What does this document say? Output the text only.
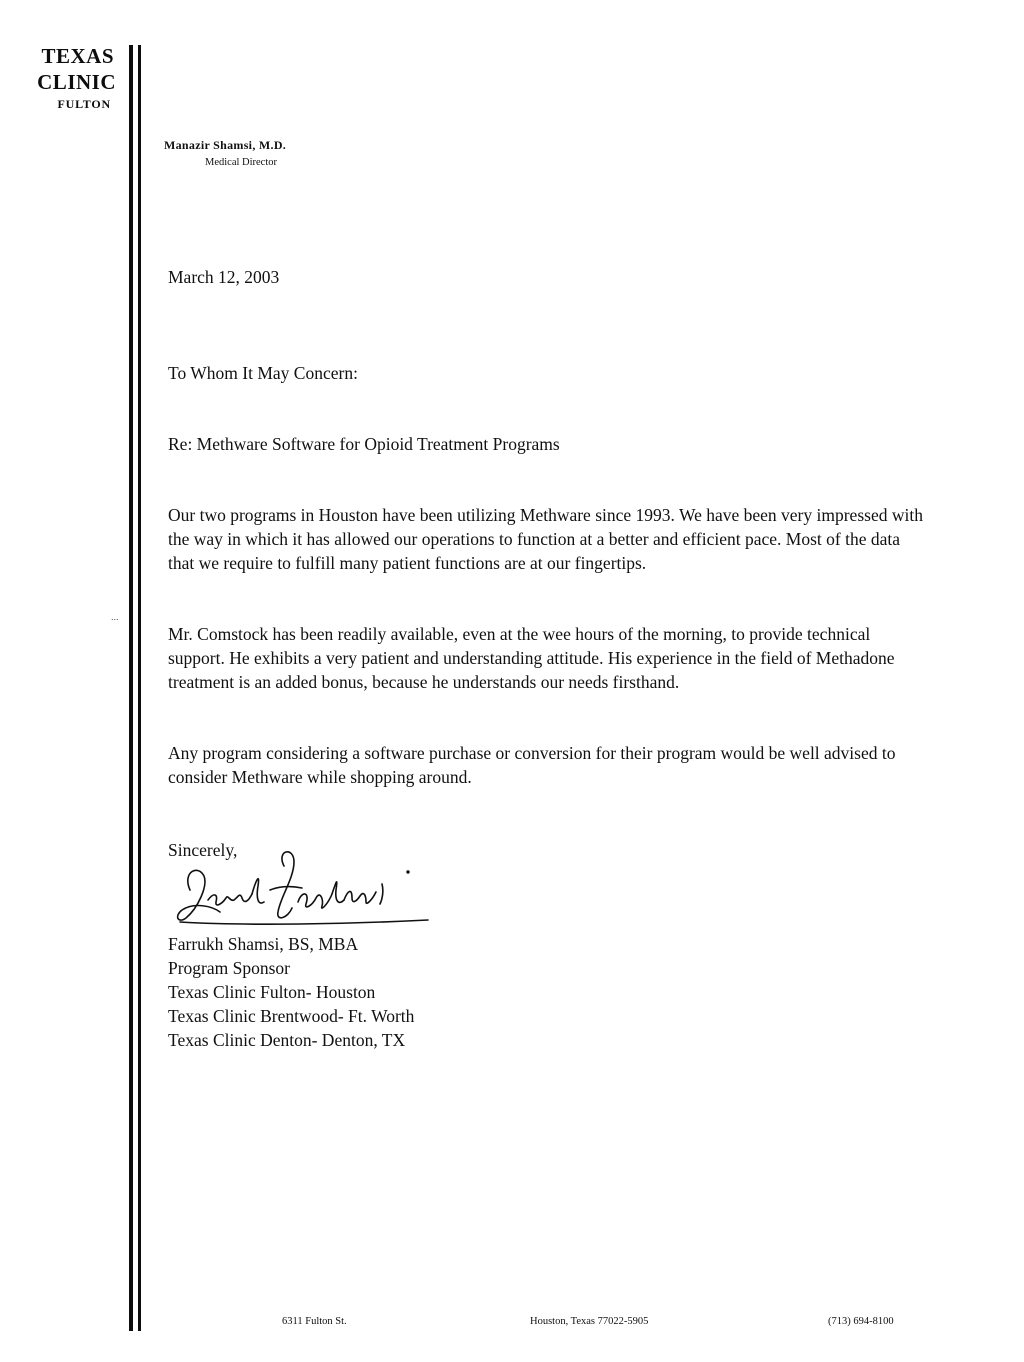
TEXAS
CLINIC
FULTON
...
Manazir Shamsi, M.D.
Medical Director
March 12, 2003
To Whom It May Concern:
Re: Methware Software for Opioid Treatment Programs
Our two programs in Houston have been utilizing Methware since 1993. We have been very impressed with the way in which it has allowed our operations to function at a better and efficient pace. Most of the data that we require to fulfill many patient functions are at our fingertips.
Mr. Comstock has been readily available, even at the wee hours of the morning, to provide technical support. He exhibits a very patient and understanding attitude. His experience in the field of Methadone treatment is an added bonus, because he understands our needs firsthand.
Any program considering a software purchase or conversion for their program would be well advised to consider Methware while shopping around.
Sincerely,
Farrukh Shamsi, BS, MBA
Program Sponsor
Texas Clinic Fulton- Houston
Texas Clinic Brentwood- Ft. Worth
Texas Clinic Denton- Denton, TX
6311 Fulton St.	Houston, Texas 77022-5905	(713) 694-8100
